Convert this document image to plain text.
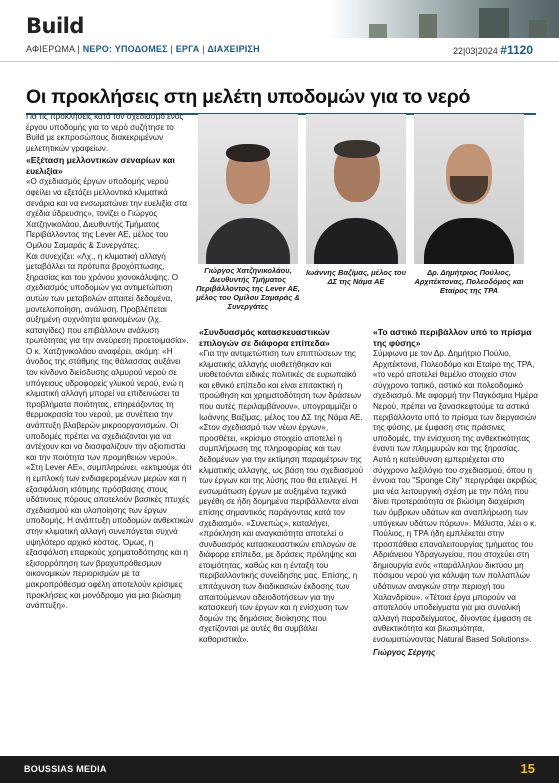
Build
ΑΦΙΕΡΩΜΑ | ΝΕΡΟ: ΥΠΟΔΟΜΕΣ | ΕΡΓΑ | ΔΙΑΧΕΙΡΙΣΗ	22|03|2024 #1120
Οι προκλήσεις στη μελέτη υποδομών για το νερό

Για τις προκλήσεις κατά τον σχεδιασμό ενός έργου υποδομής για το νερό συζήτησε το Build με εκπροσώπους διακεκριμένων μελετητικών γραφείων.

«Εξέταση μελλοντικών σεναρίων και ευελιξία»

«Ο σχεδιασμός έργων υποδομής νερού οφείλει να εξετάζει μελλοντικά κλιματικά σενάρια και να ενσωματώνει την ευελιξία στα σχέδια ύδρευσης», τονίζει ο Γιώργος Χατζηνικολάου, Διευθυντής Τμήματος Περιβάλλοντος της Lever AE, μέλος του Ομίλου Σαμαράς & Συνεργάτες.

Και συνεχίζει: «Λχ., η κλιματική αλλαγή μεταβάλλει τα πρότυπα βροχόπτωσης, ξηρασίας και του χρόνου χιονοκάλυψης. Ο σχεδιασμός υποδομών για αντιμετώπιση αυτών των μεταβολών απαιτεί δεδομένα, μοντελοποίηση, ανάλυση. Προβλέπεται αυξημένη συχνότητα φαινομένων (λχ. καταιγίδες) που επιβάλλουν ανάλυση τρωτότητας για την ανεύρεση προετοιμασία».

Ο κ. Χατζηνικολάου αναφέρει, ακόμη: «Η άνοδος της στάθμης της θάλασσας αυξάνει τον κίνδυνο διείσδυσης αλμυρού νερού σε υπόγειους υδροφορείς γλυκού νερού, ενώ η κλιματική αλλαγή μπορεί να επιδεινώσει τα προβλήματα ποιότητας, επηρεάζοντας τη θερμοκρασία του νερού, με συνέπεια την ανάπτυξη βλαβερών μικροοργανισμών. Οι υποδομές πρέπει να σχεδιάζονται για να αντέχουν και να διασφαλίζουν την αξιοπιστία και την ποιότητα των προμηθειών νερού». «Στη Lever AE», συμπληρώνει, «εκτιμούμε ότι η εμπλοκή των ενδιαφερομένων μερών και η εξασφάλιση ισότιμης πρόσβασης στους υδάτινους πόρους αποτελούν βασικές πτυχές σχεδιασμού και υλοποίησης των έργων υποδομής. Η ανάπτυξη υποδομών ανθεκτικών στην κλιματική αλλαγή συνεπάγεται συχνά υψηλότερο αρχικό κόστος. Όμως, η εξασφάλιση επαρκούς χρηματοδότησης και η εξισορρόπηση των βραχυπρόθεσμων οικονομικών περιορισμών με τα μακροπρόθεσμα οφέλη αποτελούν κρίσιμες προκλήσεις και μονόδρομο για μια βιώσιμη ανάπτυξη».

Γιώργος Χατζηνικολάου, Διευθυντής Τμήματος Περιβάλλοντος της Lever AE, μέλος του Ομίλου Σαμαράς & Συνεργάτες
Ιωάννης Βαζίμας, μέλος του ΔΣ της Νάμα ΑΕ
Δρ. Δημήτριος Πούλιος, Αρχιτέκτονας, Πολεοδόμος και Εταίρος της TPA

«Συνδυασμός κατασκευαστικών επιλογών σε διάφορα επίπεδα»

«Για την αντιμετώπιση των επιπτώσεων της κλιματικής αλλαγής υιοθετήθηκαν και υιοθετούνται ειδικές πολιτικές σε ευρωπαϊκό και εθνικό επίπεδο και είναι επιτακτική η προώθηση και χρηματοδότηση των δράσεων που αυτές περιλαμβάνουν», υπογραμμίζει ο Ιωάννης Βαζίμας, μέλος του ΔΣ της Νάμα ΑΕ. «Στον σχεδιασμό των νέων έργων», προσθέτει, «κρίσιμο στοιχείο αποτελεί η συμπλήρωση της πληροφορίας και των δεδομένων για την εκτίμηση παραμέτρων της κλιματικής αλλαγής, ως βάση του σχεδιασμού των έργων και της λύσης που θα επιλεγεί. Η ενσωμάτωση έργων με αυξημένα τεχνικά μεγέθη σε ήδη δομημένα περιβάλλοντα είναι επίσης σημαντικός παράγοντας κατά τον σχεδιασμό». «Συνεπώς», καταλήγει, «πρόκληση και αναγκαιότητα αποτελεί ο συνδυασμός κατασκευαστικών επιλογών σε διάφορα επίπεδα, με δράσεις πρόληψης και ετοιμότητας, καθώς και η ένταξη του περιβαλλοντικής συνείδησης μας. Επίσης, η επιτάχυνση των διαδικασιών έκδοσης των απαιτούμενων αδειοδοτήσεων για την κατασκευή των έργων και η ενίσχυση των δομών της δημόσιας διοίκησης που σχετίζονται με αυτές θα συμβάλει καθοριστικά».

«Το αστικό περιβάλλον υπό το πρίσμα της φύσης»

Σύμφωνα με τον Δρ. Δημήτριο Πούλιο, Αρχιτέκτονα, Πολεοδόμο και Εταίρο της TPA, «το νερό αποτελεί θεμέλιο στοιχείο στον σύγχρονο τοπικό, αστικό και πολεοδομικό σχεδιασμό. Με αφορμή την Παγκόσμια Ημέρα Νερού, πρέπει να ξανασκεφτούμε τα αστικά περιβάλλοντα υπό το πρίσμα των διεργασιών της φύσης, με έμφαση στις πράσινες υποδομές, την ενίσχυση της ανθεκτικότητας έναντι των πλημμυρών και της ξηρασίας. Αυτό η κατεύθυνση εμπεριέχεται στο σύγχρονο λεξιλόγιο του σχεδιασμού, όπου η έννοια του "Sponge City" περιγράφει ακριβώς μια νέα λειτουργική σχέση με την πόλη που δίνει προτεραιότητα σε βιώσιμη διαχείριση των όμβριων υδάτων και αναπλήρωση των υπόγειων υδάτων πόρων». Μάλιστα, λέει ο κ. Πούλιος, η TPA ήδη εμπλέκεται στην προσπάθεια επαναλειτουργίας τμήματος του Αδριάνειου Υδραγωγείου, που στοχεύει στη δημιουργία ενός «παράλληλου δικτύου μη πόσιμου νερού για κάλυψη των πολλαπλών υδάτινων αναγκών στην περιοχή του Χαλανδρίου». «Τέτοια έργα μπορούν να αποτελούν υποδείγματα για μια συναλική αλλαγή παραδείγματος, δίνοντας έμφαση σε ανθεκτικότητα και βιωσιμότητα, ενσωματώνοντας Natural Based Solutions».

Γιώργος Σέργης

BOUSSIAS MEDIA	15
